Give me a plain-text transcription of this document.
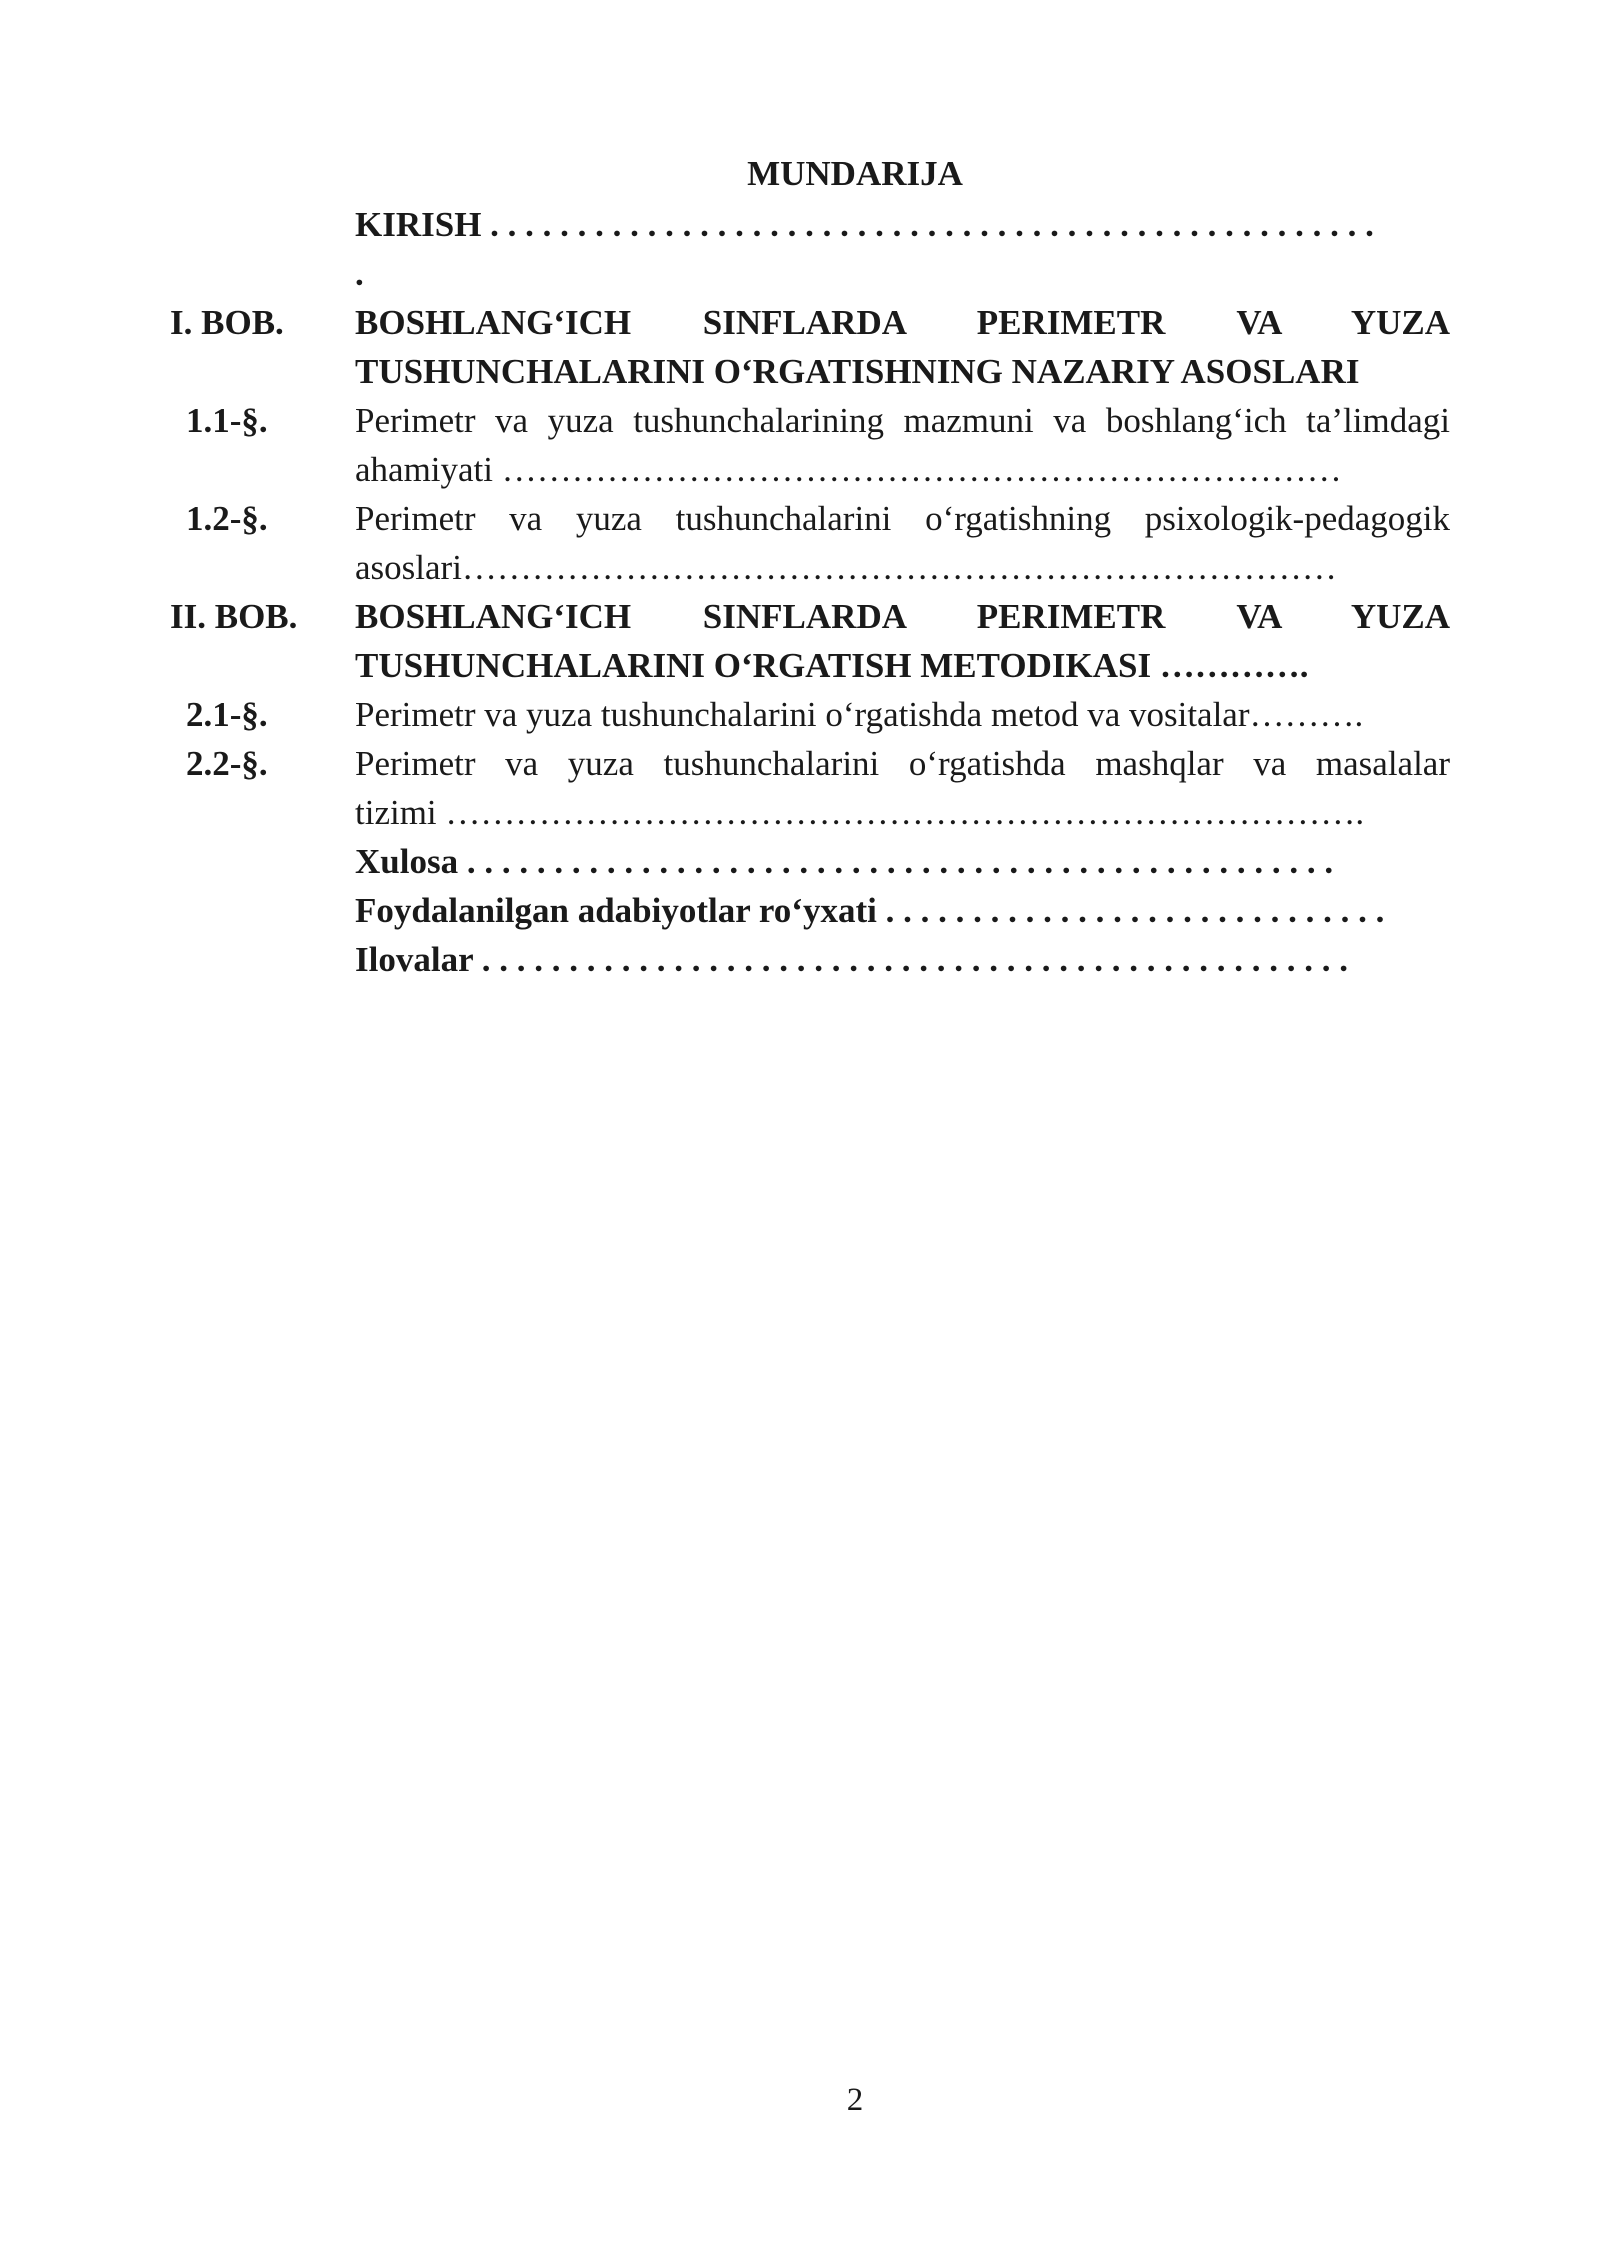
MUNDARIJA
KIRISH . . . . . . . . . . . . . . . . . . . . . . . . . . . . . . . . . . . . . . . . . . . . . . . . . . .
.
I. BOB. BOSHLANG‘ICH SINFLARDA PERIMETR VA YUZA
TUSHUNCHALARINI O‘RGATISHNING NAZARIY ASOSLARI
1.1-§. Perimetr va yuza tushunchalarining mazmuni va boshlang‘ich ta’limdagi
ahamiyati ………………………………………………………………
1.2-§. Perimetr va yuza tushunchalarini o‘rgatishning psixologik-pedagogik
asoslari…………………………………………………………………
II. BOB. BOSHLANG‘ICH SINFLARDA PERIMETR VA YUZA
TUSHUNCHALARINI O‘RGATISH METODIKASI ………….
2.1-§. Perimetr va yuza tushunchalarini o‘rgatishda metod va vositalar……….
2.2-§. Perimetr va yuza tushunchalarini o‘rgatishda mashqlar va masalalar
tizimi …………………………………………………………………….
Xulosa . . . . . . . . . . . . . . . . . . . . . . . . . . . . . . . . . . . . . . . . . . . . . . . . . .
Foydalanilgan adabiyotlar ro‘yxati . . . . . . . . . . . . . . . . . . . . . . . . . . . . .
Ilovalar . . . . . . . . . . . . . . . . . . . . . . . . . . . . . . . . . . . . . . . . . . . . . . . . . .
2
